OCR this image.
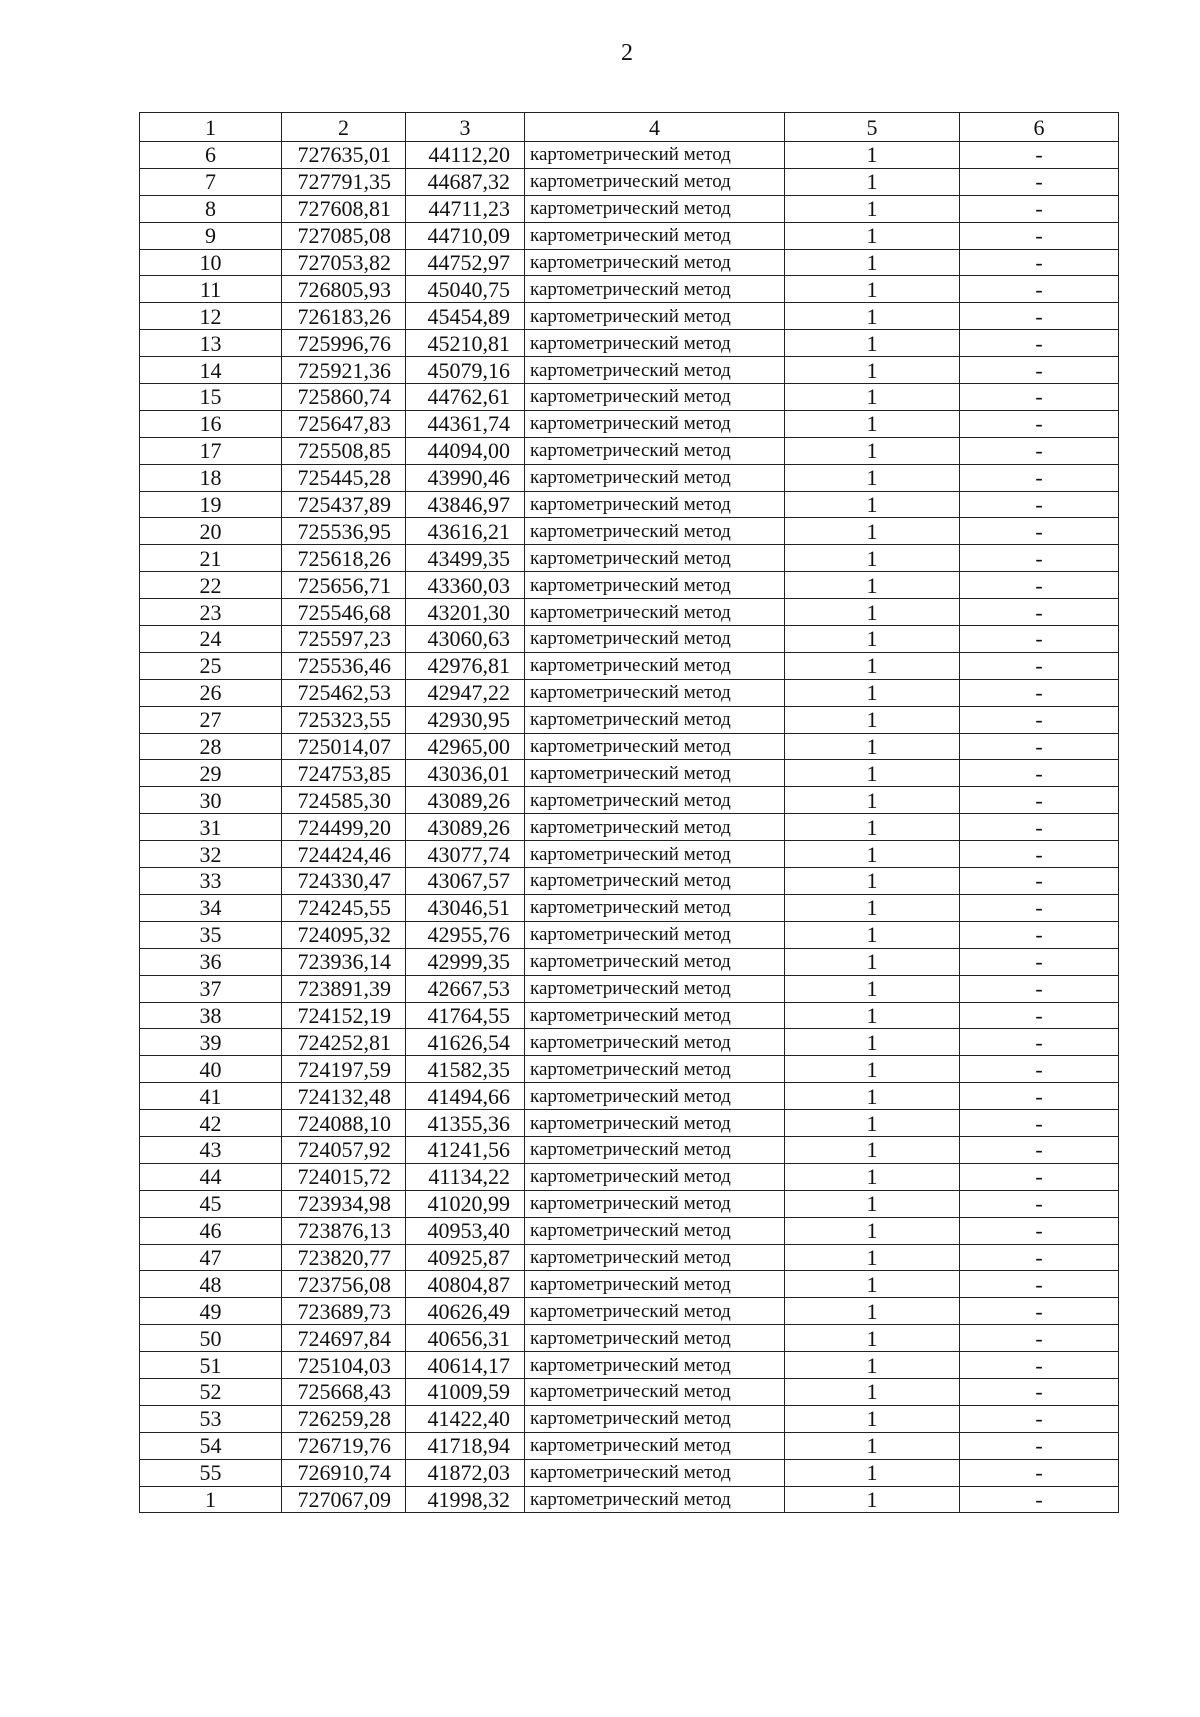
2
1	2	3	4	5	6
6	727635,01	44112,20	картометрический метод	1	-
7	727791,35	44687,32	картометрический метод	1	-
8	727608,81	44711,23	картометрический метод	1	-
9	727085,08	44710,09	картометрический метод	1	-
10	727053,82	44752,97	картометрический метод	1	-
11	726805,93	45040,75	картометрический метод	1	-
12	726183,26	45454,89	картометрический метод	1	-
13	725996,76	45210,81	картометрический метод	1	-
14	725921,36	45079,16	картометрический метод	1	-
15	725860,74	44762,61	картометрический метод	1	-
16	725647,83	44361,74	картометрический метод	1	-
17	725508,85	44094,00	картометрический метод	1	-
18	725445,28	43990,46	картометрический метод	1	-
19	725437,89	43846,97	картометрический метод	1	-
20	725536,95	43616,21	картометрический метод	1	-
21	725618,26	43499,35	картометрический метод	1	-
22	725656,71	43360,03	картометрический метод	1	-
23	725546,68	43201,30	картометрический метод	1	-
24	725597,23	43060,63	картометрический метод	1	-
25	725536,46	42976,81	картометрический метод	1	-
26	725462,53	42947,22	картометрический метод	1	-
27	725323,55	42930,95	картометрический метод	1	-
28	725014,07	42965,00	картометрический метод	1	-
29	724753,85	43036,01	картометрический метод	1	-
30	724585,30	43089,26	картометрический метод	1	-
31	724499,20	43089,26	картометрический метод	1	-
32	724424,46	43077,74	картометрический метод	1	-
33	724330,47	43067,57	картометрический метод	1	-
34	724245,55	43046,51	картометрический метод	1	-
35	724095,32	42955,76	картометрический метод	1	-
36	723936,14	42999,35	картометрический метод	1	-
37	723891,39	42667,53	картометрический метод	1	-
38	724152,19	41764,55	картометрический метод	1	-
39	724252,81	41626,54	картометрический метод	1	-
40	724197,59	41582,35	картометрический метод	1	-
41	724132,48	41494,66	картометрический метод	1	-
42	724088,10	41355,36	картометрический метод	1	-
43	724057,92	41241,56	картометрический метод	1	-
44	724015,72	41134,22	картометрический метод	1	-
45	723934,98	41020,99	картометрический метод	1	-
46	723876,13	40953,40	картометрический метод	1	-
47	723820,77	40925,87	картометрический метод	1	-
48	723756,08	40804,87	картометрический метод	1	-
49	723689,73	40626,49	картометрический метод	1	-
50	724697,84	40656,31	картометрический метод	1	-
51	725104,03	40614,17	картометрический метод	1	-
52	725668,43	41009,59	картометрический метод	1	-
53	726259,28	41422,40	картометрический метод	1	-
54	726719,76	41718,94	картометрический метод	1	-
55	726910,74	41872,03	картометрический метод	1	-
1	727067,09	41998,32	картометрический метод	1	-
